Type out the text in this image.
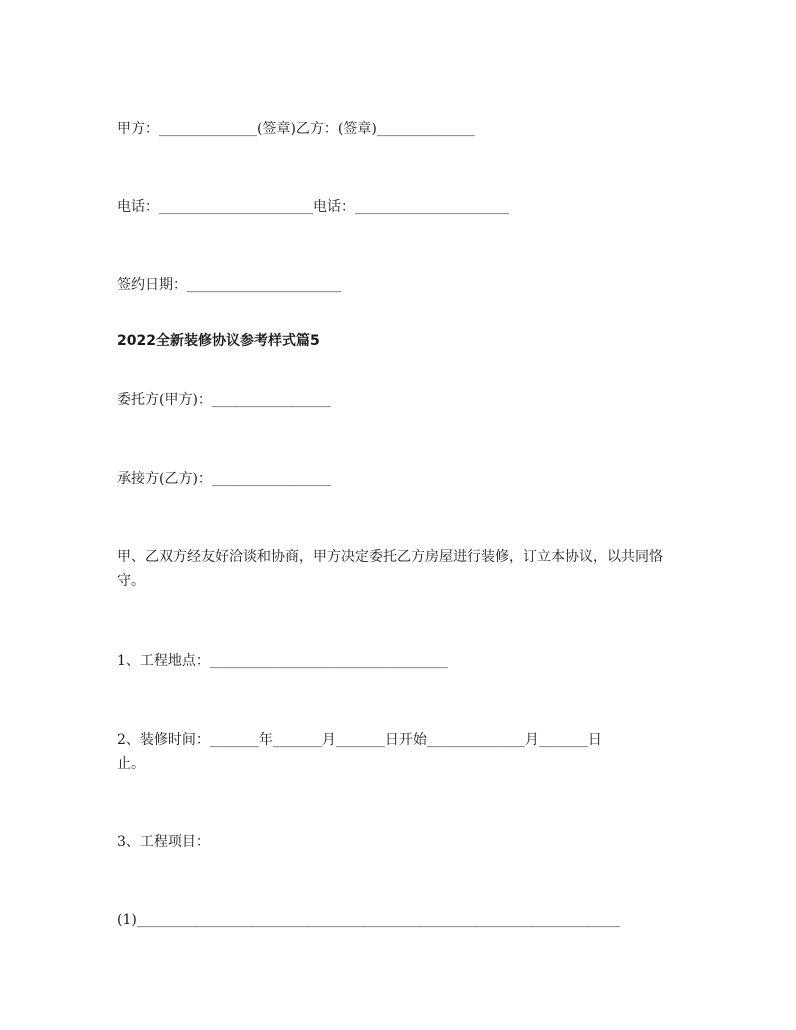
甲方：______________(签章)乙方：(签章)______________
电话：______________________电话：______________________
签约日期：______________________
2022全新装修协议参考样式篇5
委托方(甲方)：_________________
承接方(乙方)：_________________
甲、乙双方经友好洽谈和协商，甲方决定委托乙方房屋进行装修，订立本协议，以共同恪守。
1、工程地点：__________________________________
2、装修时间：_______年_______月_______日开始______________月_______日
止。
3、工程项目：
(1)_____________________________________________________________________
